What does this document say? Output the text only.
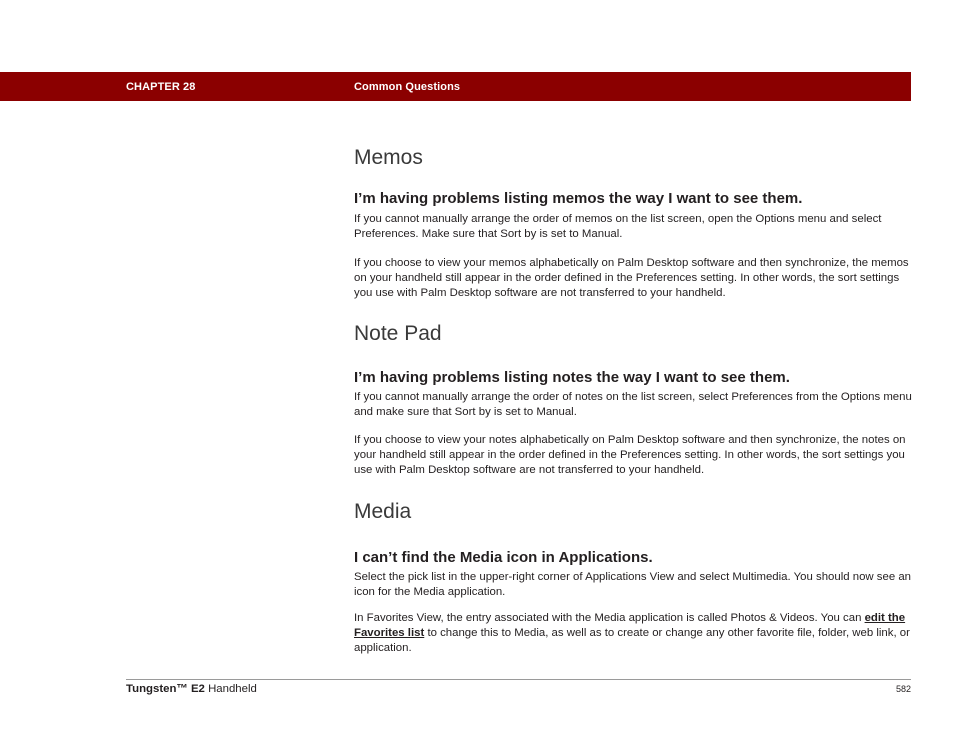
CHAPTER 28	Common Questions
Memos
I’m having problems listing memos the way I want to see them.

If you cannot manually arrange the order of memos on the list screen, open the Options menu and select Preferences. Make sure that Sort by is set to Manual.

If you choose to view your memos alphabetically on Palm Desktop software and then synchronize, the memos on your handheld still appear in the order defined in the Preferences setting. In other words, the sort settings you use with Palm Desktop software are not transferred to your handheld.

Note Pad
I’m having problems listing notes the way I want to see them.

If you cannot manually arrange the order of notes on the list screen, select Preferences from the Options menu and make sure that Sort by is set to Manual.

If you choose to view your notes alphabetically on Palm Desktop software and then synchronize, the notes on your handheld still appear in the order defined in the Preferences setting. In other words, the sort settings you use with Palm Desktop software are not transferred to your handheld.

Media
I can’t find the Media icon in Applications.

Select the pick list in the upper-right corner of Applications View and select Multimedia. You should now see an icon for the Media application.

In Favorites View, the entry associated with the Media application is called Photos & Videos. You can edit the Favorites list to change this to Media, as well as to create or change any other favorite file, folder, web link, or application.

Tungsten™ E2 Handheld	582
